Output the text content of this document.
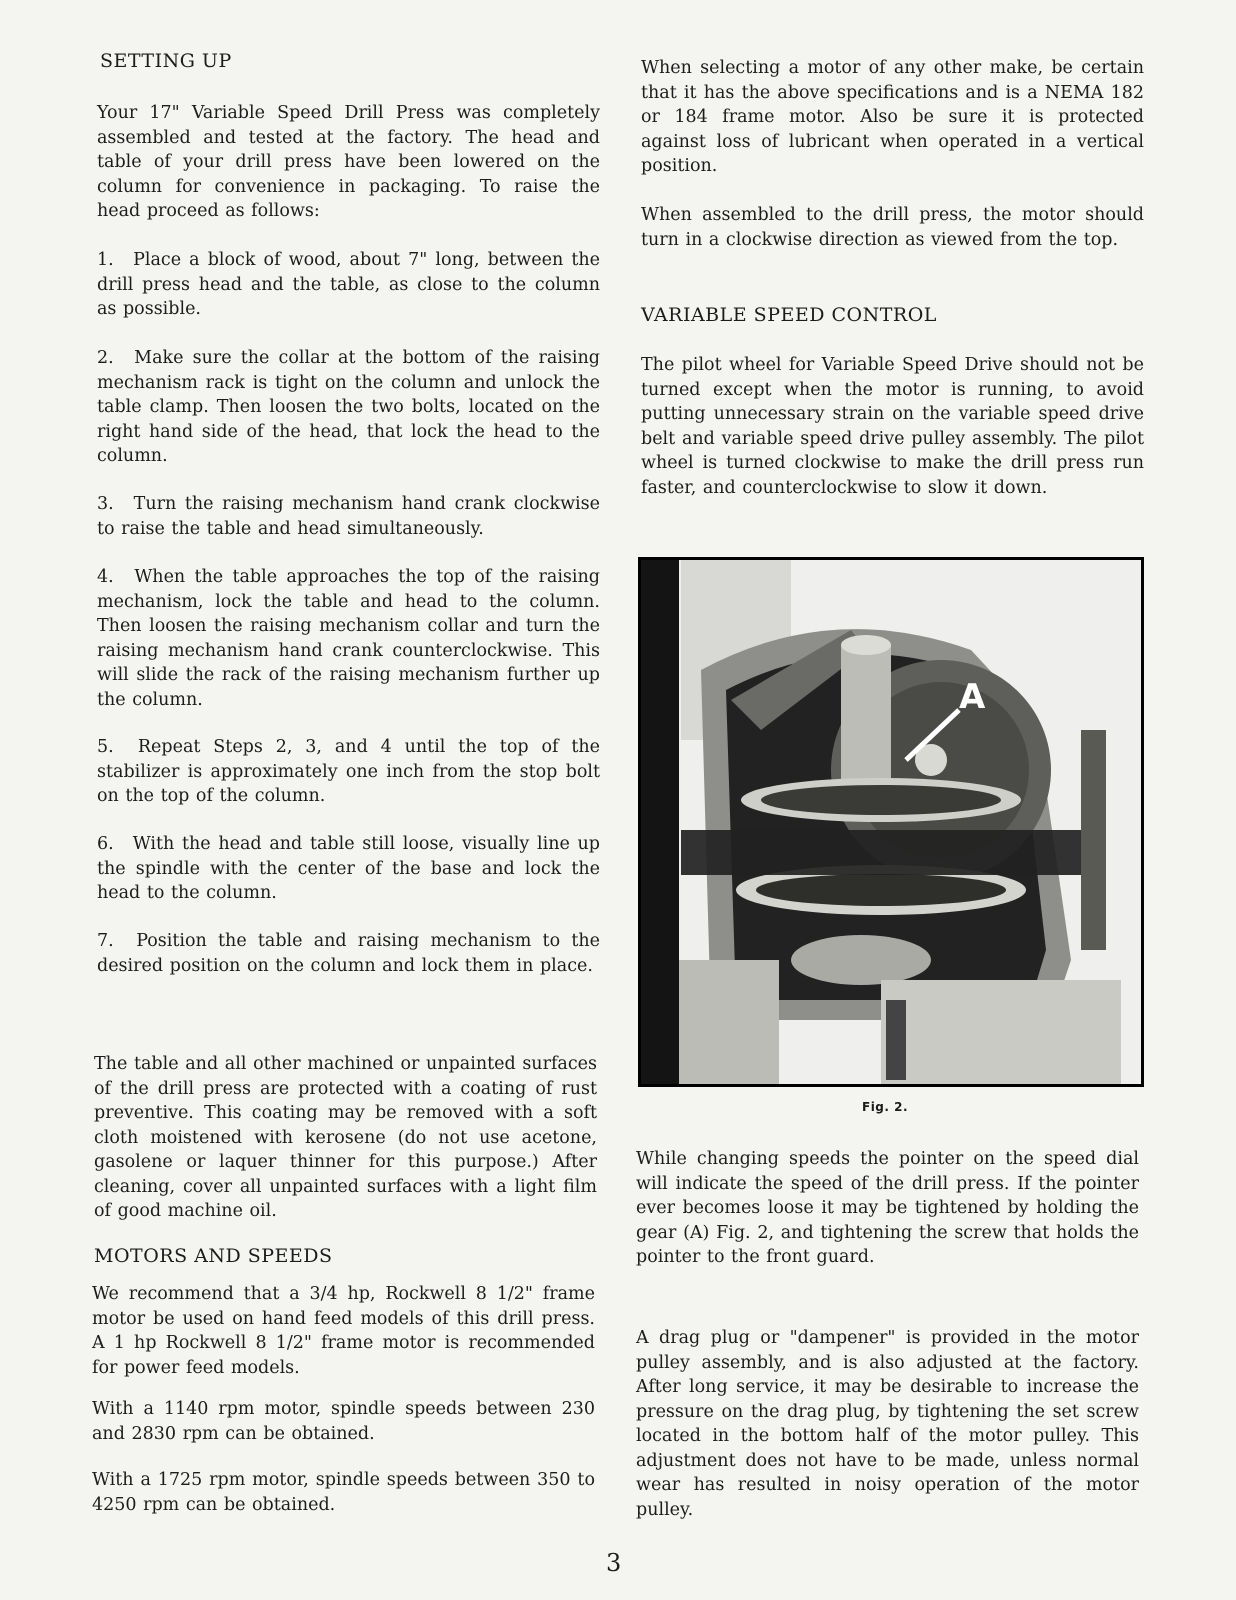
SETTING UP

Your 17" Variable Speed Drill Press was completely assembled and tested at the factory. The head and table of your drill press have been lowered on the column for convenience in packaging. To raise the head proceed as follows:

1. Place a block of wood, about 7" long, between the drill press head and the table, as close to the column as possible.

2. Make sure the collar at the bottom of the raising mechanism rack is tight on the column and unlock the table clamp. Then loosen the two bolts, located on the right hand side of the head, that lock the head to the column.

3. Turn the raising mechanism hand crank clockwise to raise the table and head simultaneously.

4. When the table approaches the top of the raising mechanism, lock the table and head to the column. Then loosen the raising mechanism collar and turn the raising mechanism hand crank counterclockwise. This will slide the rack of the raising mechanism further up the column.

5. Repeat Steps 2, 3, and 4 until the top of the stabilizer is approximately one inch from the stop bolt on the top of the column.

6. With the head and table still loose, visually line up the spindle with the center of the base and lock the head to the column.

7. Position the table and raising mechanism to the desired position on the column and lock them in place.

The table and all other machined or unpainted surfaces of the drill press are protected with a coating of rust preventive. This coating may be removed with a soft cloth moistened with kerosene (do not use acetone, gasolene or laquer thinner for this purpose.) After cleaning, cover all unpainted surfaces with a light film of good machine oil.

MOTORS AND SPEEDS

We recommend that a 3/4 hp, Rockwell 8 1/2" frame motor be used on hand feed models of this drill press. A 1 hp Rockwell 8 1/2" frame motor is recommended for power feed models.

With a 1140 rpm motor, spindle speeds between 230 and 2830 rpm can be obtained.

With a 1725 rpm motor, spindle speeds between 350 to 4250 rpm can be obtained.

When selecting a motor of any other make, be certain that it has the above specifications and is a NEMA 182 or 184 frame motor. Also be sure it is protected against loss of lubricant when operated in a vertical position.

When assembled to the drill press, the motor should turn in a clockwise direction as viewed from the top.

VARIABLE SPEED CONTROL

The pilot wheel for Variable Speed Drive should not be turned except when the motor is running, to avoid putting unnecessary strain on the variable speed drive belt and variable speed drive pulley assembly. The pilot wheel is turned clockwise to make the drill press run faster, and counterclockwise to slow it down.

A
Fig. 2.

While changing speeds the pointer on the speed dial will indicate the speed of the drill press. If the pointer ever becomes loose it may be tightened by holding the gear (A) Fig. 2, and tightening the screw that holds the pointer to the front guard.

A drag plug or "dampener" is provided in the motor pulley assembly, and is also adjusted at the factory. After long service, it may be desirable to increase the pressure on the drag plug, by tightening the set screw located in the bottom half of the motor pulley. This adjustment does not have to be made, unless normal wear has resulted in noisy operation of the motor pulley.

3
